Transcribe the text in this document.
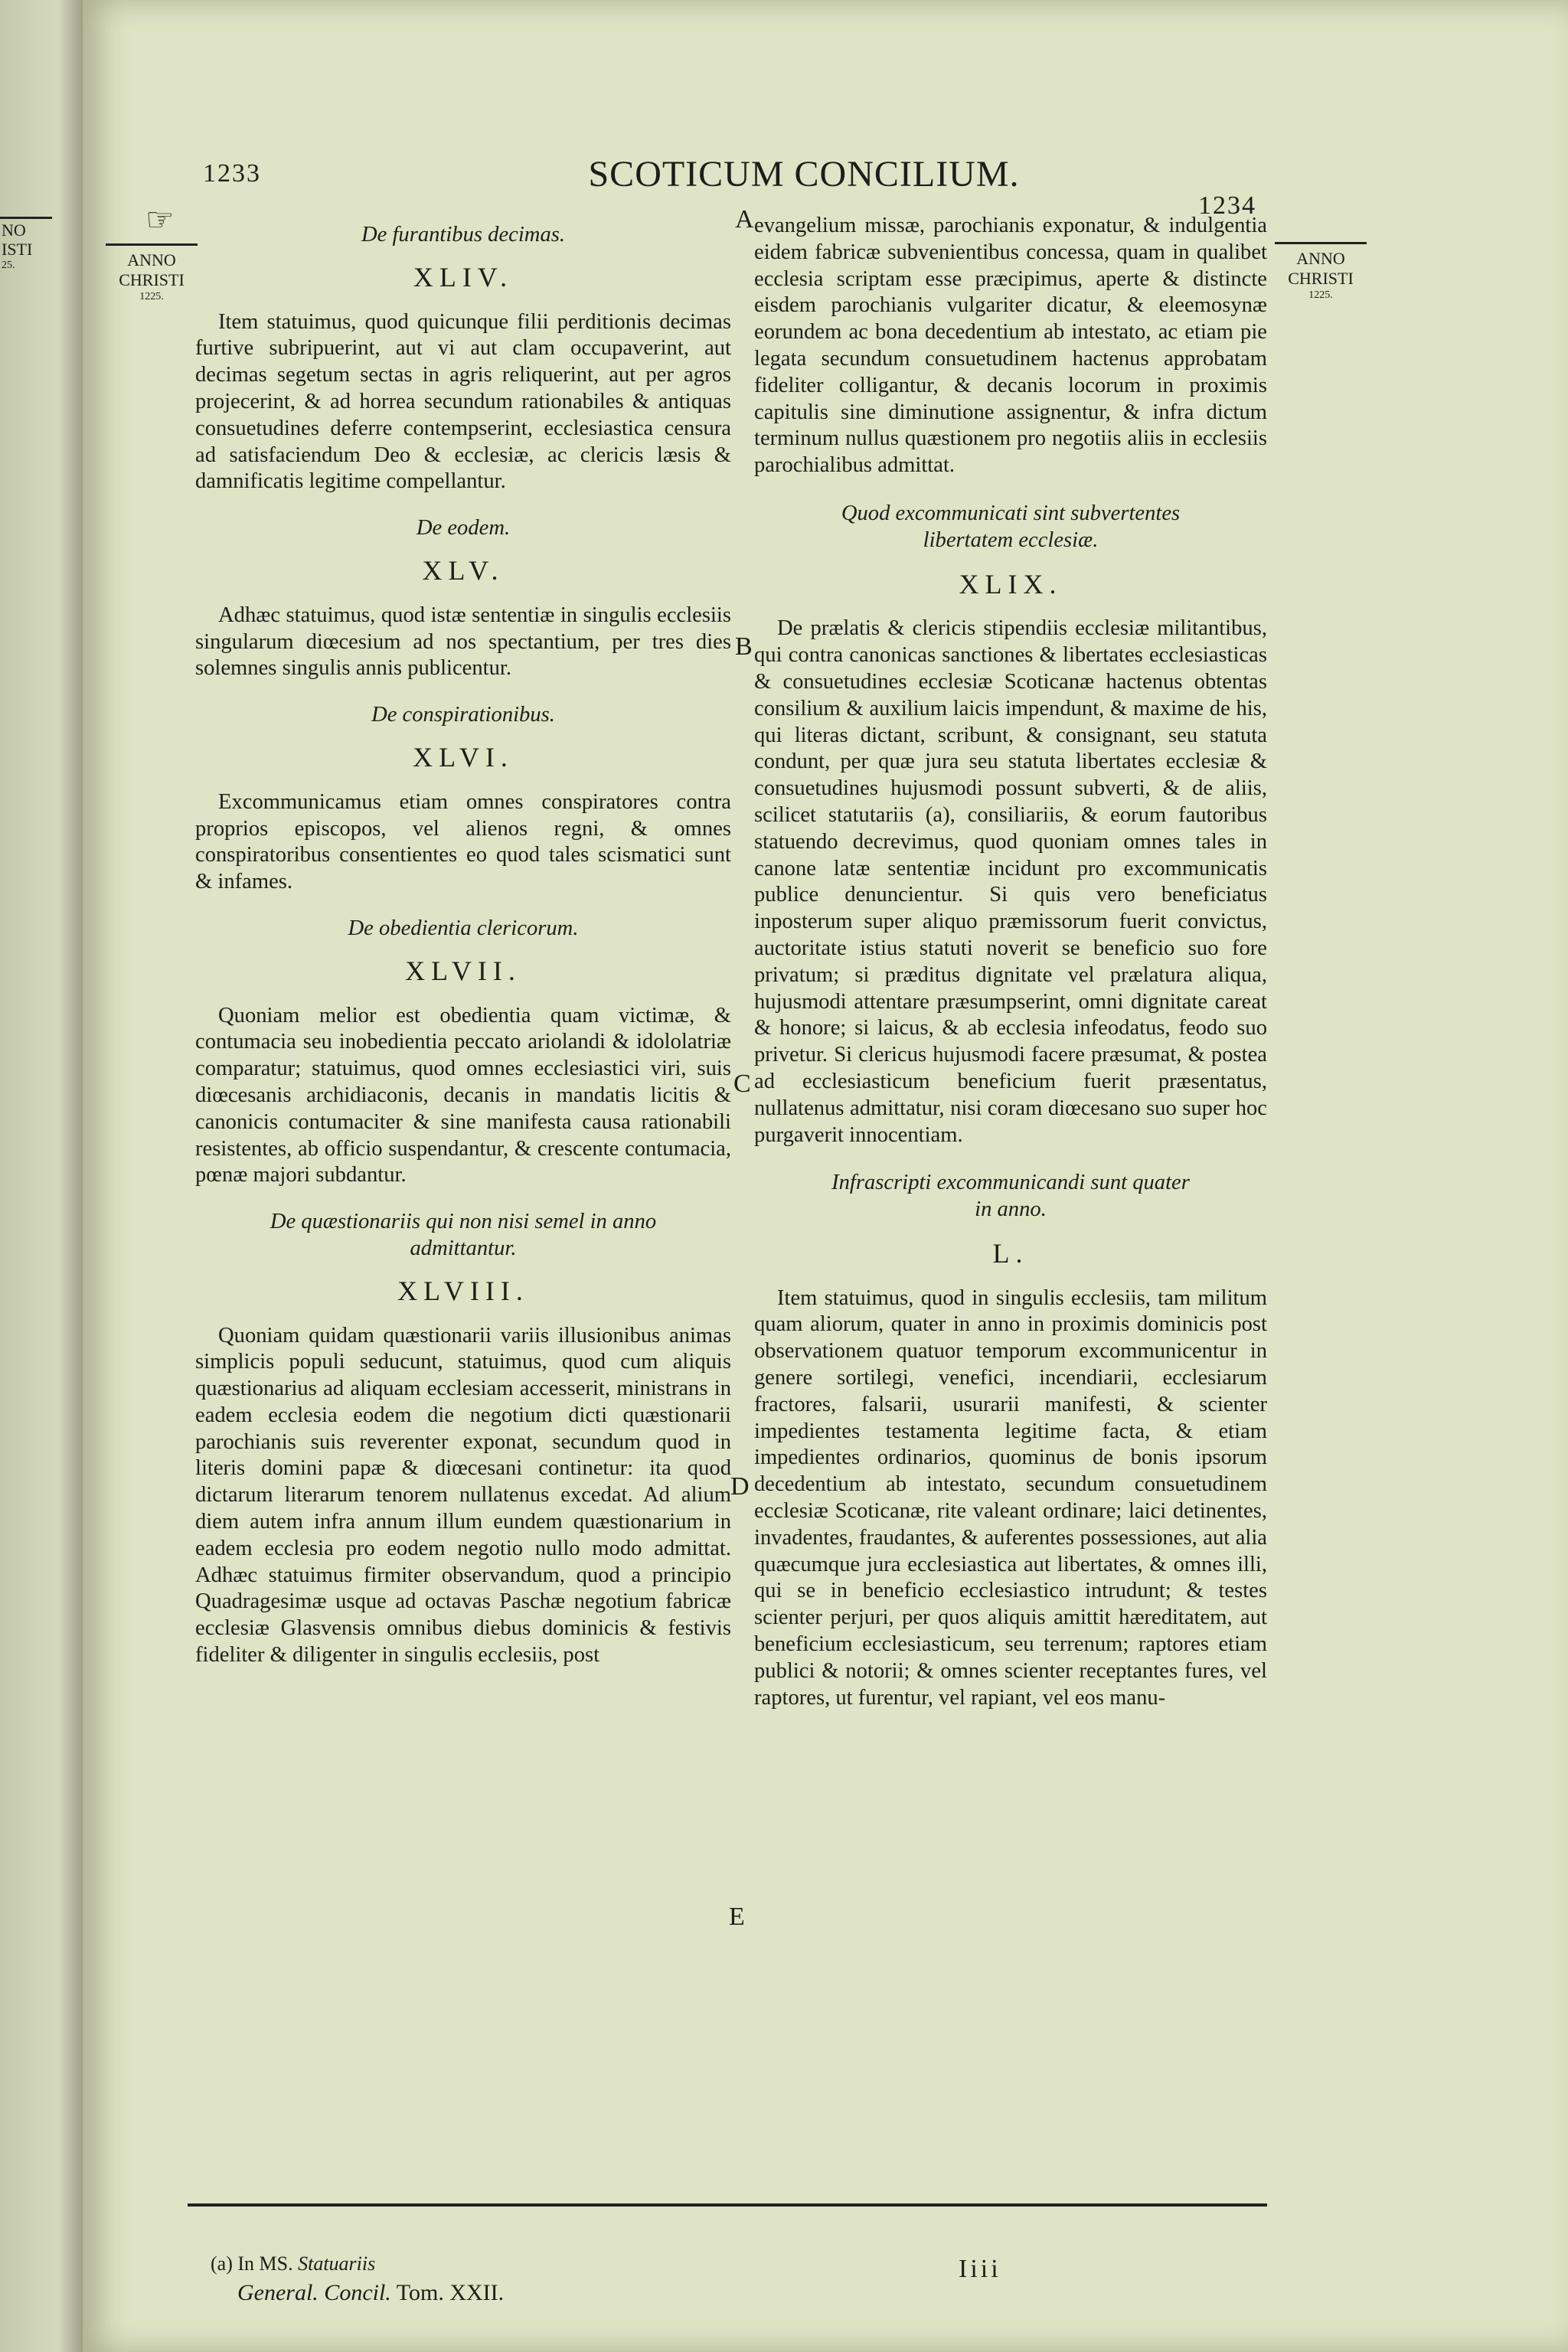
NO
ISTI
25.
1233	SCOTICUM CONCILIUM.
1234
☞
ANNO
CHRISTI
1225.
ANNO
CHRISTI
1225.
A
B
C
D
E

De furantibus decimas.

XLIV.

Item statuimus, quod quicunque filii perditionis decimas furtive subripuerint, aut vi aut clam occupaverint, aut decimas segetum sectas in agris reliquerint, aut per agros projecerint, & ad horrea secundum rationabiles & antiquas consuetudines deferre contempserint, ecclesiastica censura ad satisfaciendum Deo & ecclesiæ, ac clericis læsis & damnificatis legitime compellantur.

De eodem.

XLV.

Adhæc statuimus, quod istæ sententiæ in singulis ecclesiis singularum diœcesium ad nos spectantium, per tres dies solemnes singulis annis publicentur.

De conspirationibus.

XLVI.

Excommunicamus etiam omnes conspiratores contra proprios episcopos, vel alienos regni, & omnes conspiratoribus consentientes eo quod tales scismatici sunt & infames.

De obedientia clericorum.

XLVII.

Quoniam melior est obedientia quam victimæ, & contumacia seu inobedientia peccato ariolandi & idololatriæ comparatur; statuimus, quod omnes ecclesiastici viri, suis diœcesanis archidiaconis, decanis in mandatis licitis & canonicis contumaciter & sine manifesta causa rationabili resistentes, ab officio suspendantur, & crescente contumacia, pœnæ majori subdantur.

De quæstionariis qui non nisi semel in anno admittantur.

XLVIII.

Quoniam quidam quæstionarii variis illusionibus animas simplicis populi seducunt, statuimus, quod cum aliquis quæstionarius ad aliquam ecclesiam accesserit, ministrans in eadem ecclesia eodem die negotium dicti quæstionarii parochianis suis reverenter exponat, secundum quod in literis domini papæ & diœcesani continetur: ita quod dictarum literarum tenorem nullatenus excedat. Ad alium diem autem infra annum illum eundem quæstionarium in eadem ecclesia pro eodem negotio nullo modo admittat. Adhæc statuimus firmiter observandum, quod a principio Quadragesimæ usque ad octavas Paschæ negotium fabricæ ecclesiæ Glasvensis omnibus diebus dominicis & festivis fideliter & diligenter in singulis ecclesiis, post

evangelium missæ, parochianis exponatur, & indulgentia eidem fabricæ subvenientibus concessa, quam in qualibet ecclesia scriptam esse præcipimus, aperte & distincte eisdem parochianis vulgariter dicatur, & eleemosynæ eorundem ac bona decedentium ab intestato, ac etiam pie legata secundum consuetudinem hactenus approbatam fideliter colligantur, & decanis locorum in proximis capitulis sine diminutione assignentur, & infra dictum terminum nullus quæstionem pro negotiis aliis in ecclesiis parochialibus admittat.

Quod excommunicati sint subvertentes

libertatem ecclesiæ.

XLIX.

De prælatis & clericis stipendiis ecclesiæ militantibus, qui contra canonicas sanctiones & libertates ecclesiasticas & consuetudines ecclesiæ Scoticanæ hactenus obtentas consilium & auxilium laicis impendunt, & maxime de his, qui literas dictant, scribunt, & consignant, seu statuta condunt, per quæ jura seu statuta libertates ecclesiæ & consuetudines hujusmodi possunt subverti, & de aliis, scilicet statutariis (a), consiliariis, & eorum fautoribus statuendo decrevimus, quod quoniam omnes tales in canone latæ sententiæ incidunt pro excommunicatis publice denuncientur. Si quis vero beneficiatus inposterum super aliquo præmissorum fuerit convictus, auctoritate istius statuti noverit se beneficio suo fore privatum; si præditus dignitate vel prælatura aliqua, hujusmodi attentare præsumpserint, omni dignitate careat & honore; si laicus, & ab ecclesia infeodatus, feodo suo privetur. Si clericus hujusmodi facere præsumat, & postea ad ecclesiasticum beneficium fuerit præsentatus, nullatenus admittatur, nisi coram diœcesano suo super hoc purgaverit innocentiam.

Infrascripti excommunicandi sunt quater

in anno.

L.

Item statuimus, quod in singulis ecclesiis, tam militum quam aliorum, quater in anno in proximis dominicis post observationem quatuor temporum excommunicentur in genere sortilegi, venefici, incendiarii, ecclesiarum fractores, falsarii, usurarii manifesti, & scienter impedientes testamenta legitime facta, & etiam impedientes ordinarios, quominus de bonis ipsorum decedentium ab intestato, secundum consuetudinem ecclesiæ Scoticanæ, rite valeant ordinare; laici detinentes, invadentes, fraudantes, & auferentes possessiones, aut alia quæcumque jura ecclesiastica aut libertates, & omnes illi, qui se in beneficio ecclesiastico intrudunt; & testes scienter perjuri, per quos aliquis amittit hæreditatem, aut beneficium ecclesiasticum, seu terrenum; raptores etiam publici & notorii; & omnes scienter receptantes fures, vel raptores, ut furentur, vel rapiant, vel eos manu-

(a) In MS. Statuariis
General. Concil. Tom. XXII.
Iiii
